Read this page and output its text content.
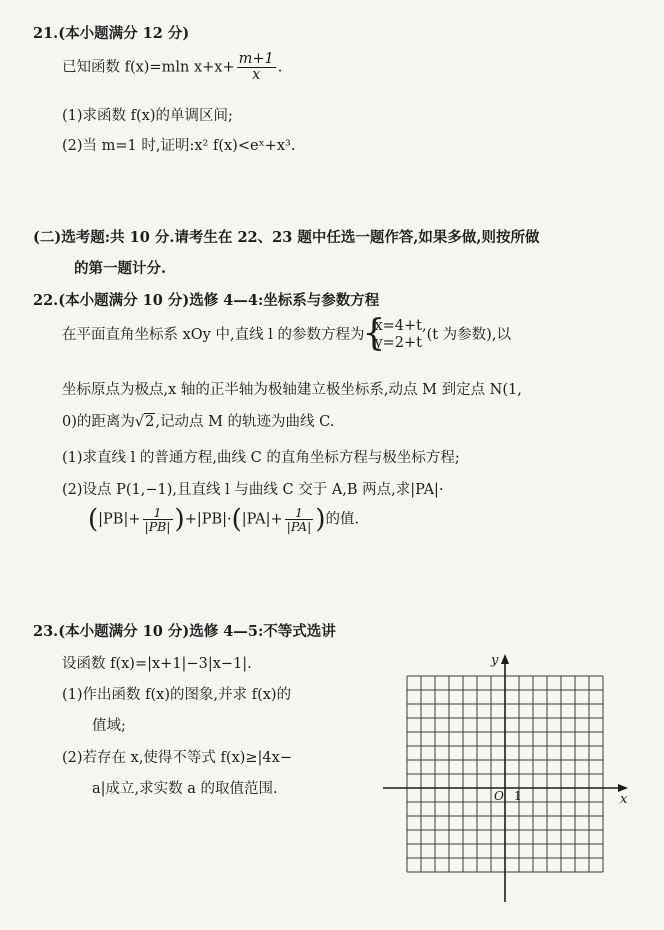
21.(本小题满分 12 分)
已知函数 f(x)=mln $x+x+ \frac{m+1}{x}$ .
(1)求函数 f(x)的单调区间;
(2)当 m=1 时,证明:x² f(x)<eˣ+x³.
(二)选考题:共 10 分.请考生在 22、23 题中任选一题作答,如果多做,则按所做
的第一题计分.
22.(本小题满分 10 分)选修 4—4:坐标系与参数方程
在平面直角坐标系 xOy 中,直线 l 的参数方程为
{
x=4+t,
y=2+t (t 为参数),以
坐标原点为极点,x 轴的正半轴为极轴建立极坐标系,动点 M 到定点 N(1,
0)的距离为√2,记动点 M 的轨迹为曲线 C.
(1)求直线 l 的普通方程,曲线 C 的直角坐标方程与极坐标方程;
(2)设点 P(1,−1),且直线 l 与曲线 C 交于 A,B 两点,求|PA|·
$(|PB|+ \frac{1}{|PB|} )+|PB|\cdot(|PA|+ \frac{1}{|PA|}$ )的值.
23.(本小题满分 10 分)选修 4—5:不等式选讲
设函数 f(x)=|x+1|−3|x−1|.
(1)作出函数 f(x)的图象,并求 f(x)的
值域;
(2)若存在 x,使得不等式 f(x)≥|4x−
a|成立,求实数 a 的取值范围.
y
x
O 1
